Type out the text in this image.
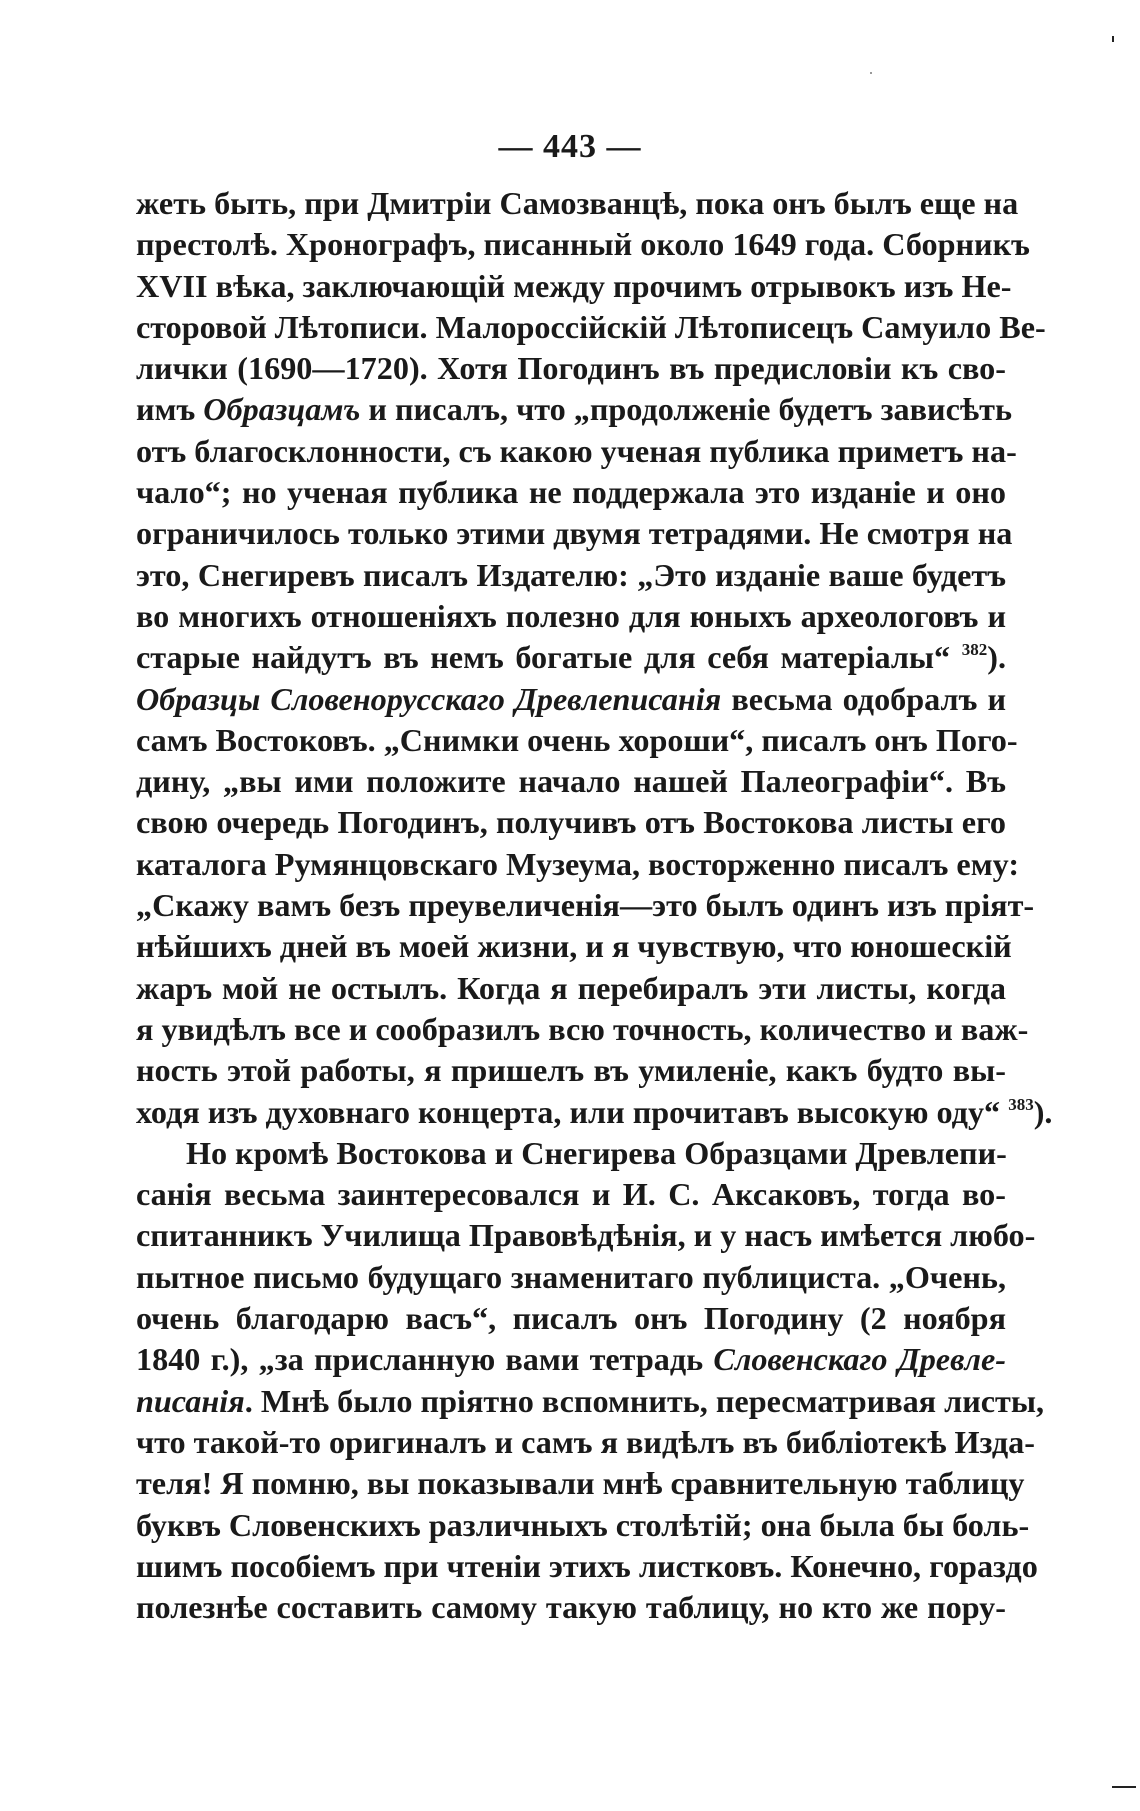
— 443 —
жеть быть, при Дмитріи Самозванцѣ, пока онъ былъ еще на
престолѣ. Хронографъ, писанный около 1649 года. Сборникъ
XVII вѣка, заключающій между прочимъ отрывокъ изъ Не-
сторовой Лѣтописи. Малороссійскій Лѣтописецъ Самуило Ве-
лички (1690—1720). Хотя Погодинъ въ предисловіи къ сво-
имъ Образцамъ и писалъ, что „продолженіе будетъ зависѣть
отъ благосклонности, съ какою ученая публика приметъ на-
чало“; но ученая публика не поддержала это изданіе и оно
ограничилось только этими двумя тетрадями. Не смотря на
это, Снегиревъ писалъ Издателю: „Это изданіе ваше будетъ
во многихъ отношеніяхъ полезно для юныхъ археологовъ и
старые найдутъ въ немъ богатые для себя матеріалы“ $^{382}$).
Образцы Словенорусскаго Древлеписанія весьма одобралъ и
самъ Востоковъ. „Снимки очень хороши“, писалъ онъ Пого-
дину, „вы ими положите начало нашей Палеографіи“. Въ
свою очередь Погодинъ, получивъ отъ Востокова листы его
каталога Румянцовскаго Музеума, восторженно писалъ ему:
„Скажу вамъ безъ преувеличенія—это былъ одинъ изъ пріят-
нѣйшихъ дней въ моей жизни, и я чувствую, что юношескій
жаръ мой не остылъ. Когда я перебиралъ эти листы, когда
я увидѣлъ все и сообразилъ всю точность, количество и важ-
ность этой работы, я пришелъ въ умиленіе, какъ будто вы-
ходя изъ духовнаго концерта, или прочитавъ высокую оду“ $^{383}$).
Но кромѣ Востокова и Снегирева Образцами Древлепи-
санія весьма заинтересовался и И. С. Аксаковъ, тогда во-
спитанникъ Училища Правовѣдѣнія, и у насъ имѣется любо-
пытное письмо будущаго знаменитаго публициста. „Очень,
очень благодарю васъ“, писалъ онъ Погодину (2 ноября
1840 г.), „за присланную вами тетрадь Словенскаго Древле-
писанія. Мнѣ было пріятно вспомнить, пересматривая листы,
что такой-то оригиналъ и самъ я видѣлъ въ библіотекѣ Изда-
теля! Я помню, вы показывали мнѣ сравнительную таблицу
буквъ Словенскихъ различныхъ столѣтій; она была бы боль-
шимъ пособіемъ при чтеніи этихъ листковъ. Конечно, гораздо
полезнѣе составить самому такую таблицу, но кто же пору-
